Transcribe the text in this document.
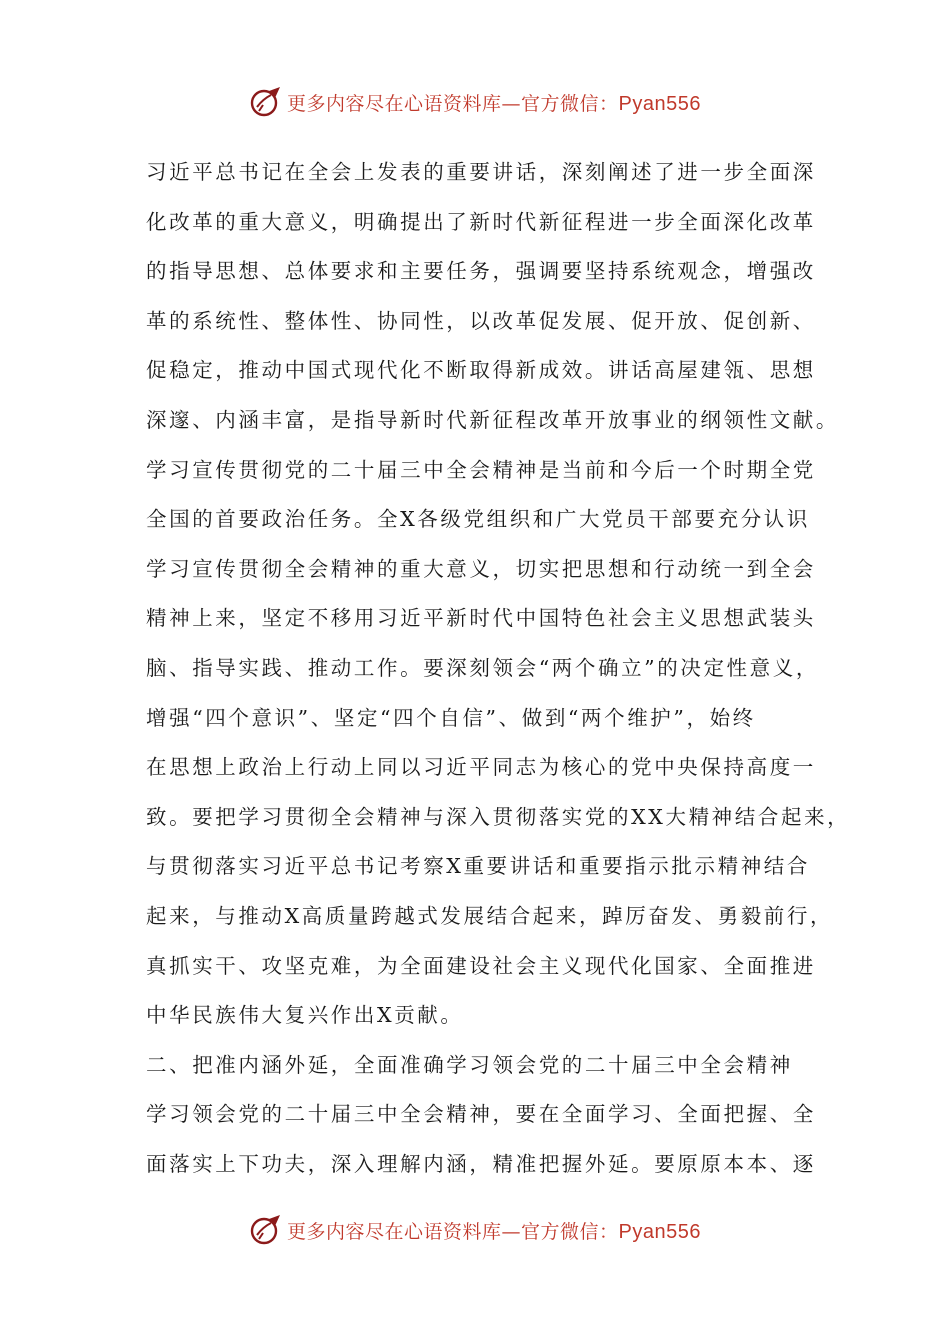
更多内容尽在心语资料库—官方微信：Pyan556
习近平总书记在全会上发表的重要讲话，深刻阐述了进一步全面深
化改革的重大意义，明确提出了新时代新征程进一步全面深化改革
的指导思想、总体要求和主要任务，强调要坚持系统观念，增强改
革的系统性、整体性、协同性，以改革促发展、促开放、促创新、
促稳定，推动中国式现代化不断取得新成效。讲话高屋建瓴、思想
深邃、内涵丰富，是指导新时代新征程改革开放事业的纲领性文献。
学习宣传贯彻党的二十届三中全会精神是当前和今后一个时期全党
全国的首要政治任务。全X各级党组织和广大党员干部要充分认识
学习宣传贯彻全会精神的重大意义，切实把思想和行动统一到全会
精神上来，坚定不移用习近平新时代中国特色社会主义思想武装头
脑、指导实践、推动工作。要深刻领会“两个确立”的决定性意义，
增强“四个意识”、坚定“四个自信”、做到“两个维护”，始终
在思想上政治上行动上同以习近平同志为核心的党中央保持高度一
致。要把学习贯彻全会精神与深入贯彻落实党的XX大精神结合起来，
与贯彻落实习近平总书记考察X重要讲话和重要指示批示精神结合
起来，与推动X高质量跨越式发展结合起来，踔厉奋发、勇毅前行，
真抓实干、攻坚克难，为全面建设社会主义现代化国家、全面推进
中华民族伟大复兴作出X贡献。
二、把准内涵外延，全面准确学习领会党的二十届三中全会精神
学习领会党的二十届三中全会精神，要在全面学习、全面把握、全
面落实上下功夫，深入理解内涵，精准把握外延。要原原本本、逐
更多内容尽在心语资料库—官方微信：Pyan556
